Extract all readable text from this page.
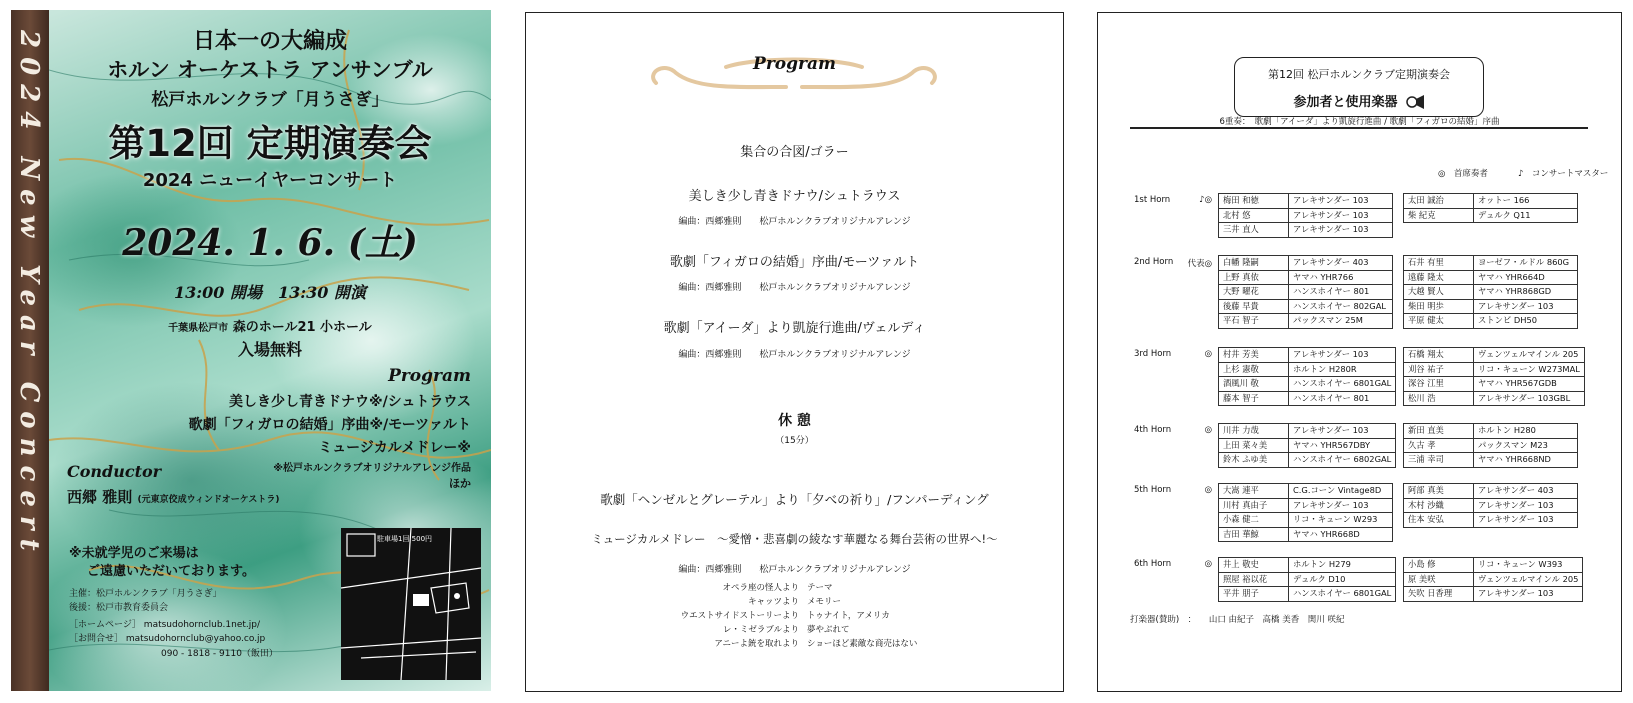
2024 New Year Concert	日本一の大編成
ホルン オーケストラ アンサンブル
松戸ホルンクラブ「月うさぎ」
第12回 定期演奏会
2024 ニューイヤーコンサート
2024. 1. 6. (土)
13:00 開場　13:30 開演
千葉県松戸市 森のホール21 小ホール
入場無料
Program
美しき少し青きドナウ※/シュトラウス
歌劇「フィガロの結婚」序曲※/モーツァルト
ミュージカルメドレー※
※松戸ホルンクラブオリジナルアレンジ作品
ほか
Conductor
西郷 雅則 (元東京佼成ウィンドオーケストラ)
※未就学児のご来場は
ご遠慮いただいております。
主催：松戸ホルンクラブ「月うさぎ」
後援：松戸市教育委員会
［ホームページ］ matsudohornclub.1net.jp/
［お問合せ］ matsudohornclub@yahoo.co.jp
090 - 1818 - 9110（飯田）
駐車場1回 500円
Program
集合の合図/ゴラー
美しき少し青きドナウ/シュトラウス
編曲：西郷雅則　　松戸ホルンクラブオリジナルアレンジ
歌劇「フィガロの結婚」序曲/モーツァルト
編曲：西郷雅則　　松戸ホルンクラブオリジナルアレンジ
歌劇「アイーダ」より凱旋行進曲/ヴェルディ
編曲：西郷雅則　　松戸ホルンクラブオリジナルアレンジ
休 憩
（15分）
歌劇「ヘンゼルとグレーテル」より「夕べの祈り」/フンパーディング
ミュージカルメドレー　～愛憎・悲喜劇の綾なす華麗なる舞台芸術の世界へ!～
編曲：西郷雅則　　松戸ホルンクラブオリジナルアレンジ
オペラ座の怪人より テーマ
キャッツより メモリー
ウエストサイドストーリーより トゥナイト，アメリカ
レ・ミゼラブルより 夢やぶれて
アニーよ銃を取れより ショーほど素敵な商売はない
第12回 松戸ホルンクラブ定期演奏会
参加者と使用楽器
6重奏：　歌劇「アイーダ」より凱旋行進曲 / 歌劇「フィガロの結婚」序曲
◎　首席奏者	♪　コンサートマスター
打楽器(賛助)　： 山口 由紀子　高橋 美香　関川 咲紀
1st Horn	♪◎ 梅田 和徳	アレキサンダー 103
北村 悠	アレキサンダー 103
三井 直人	アレキサンダー 103
太田 誠治	オットー 166
柴 紀克	デュルク Q11
2nd Horn 代表◎ 白幡 隆嗣	アレキサンダー 403
上野 真依	ヤマハ YHR766
大野 曜花	ハンスホイヤー 801
後藤 早貴	ハンスホイヤー 802GAL
平石 智子	パックスマン 25M
石井 有里	ヨーゼフ・ルドル 860G
遠藤 隆太	ヤマハ YHR664D
大越 賢人	ヤマハ YHR868GD
柴田 明歩	アレキサンダー 103
平原 健太	ストンビ DH50
3rd Horn	◎ 村井 芳美	アレキサンダー 103
上杉 憲敬	ホルトン H280R
酒風川 敬	ハンスホイヤー 6801GAL
藤本 智子	ハンスホイヤー 801
石橋 翔太	ヴェンツェルマインル 205
刈谷 祐子	リコ・キューン W273MAL
深谷 江里	ヤマハ YHR567GDB
松川 浩	アレキサンダー 103GBL
4th Horn	◎ 川井 力哉	アレキサンダー 103
上田 菜々美	ヤマハ YHR567DBY
鈴木 ふゆ美	ハンスホイヤー 6802GAL
新田 直美	ホルトン H280
久古 孝	パックスマン M23
三浦 幸司	ヤマハ YHR668ND
5th Horn	◎ 大嵩 連平	C.G.コーン Vintage8D
川村 真由子	アレキサンダー 103
小森 健二	リコ・キューン W293
吉田 華鯨	ヤマハ YHR668D
阿部 真美	アレキサンダー 403
木村 沙織	アレキサンダー 103
住本 安弘	アレキサンダー 103
6th Horn	◎ 井上 敬史	ホルトン H279
照屋 裕以花	デュルク D10
平井 朋子	ハンスホイヤー 6801GAL
小島 修	リコ・キューン W393
原 美咲	ヴェンツェルマインル 205
矢吹 日香理	アレキサンダー 103
